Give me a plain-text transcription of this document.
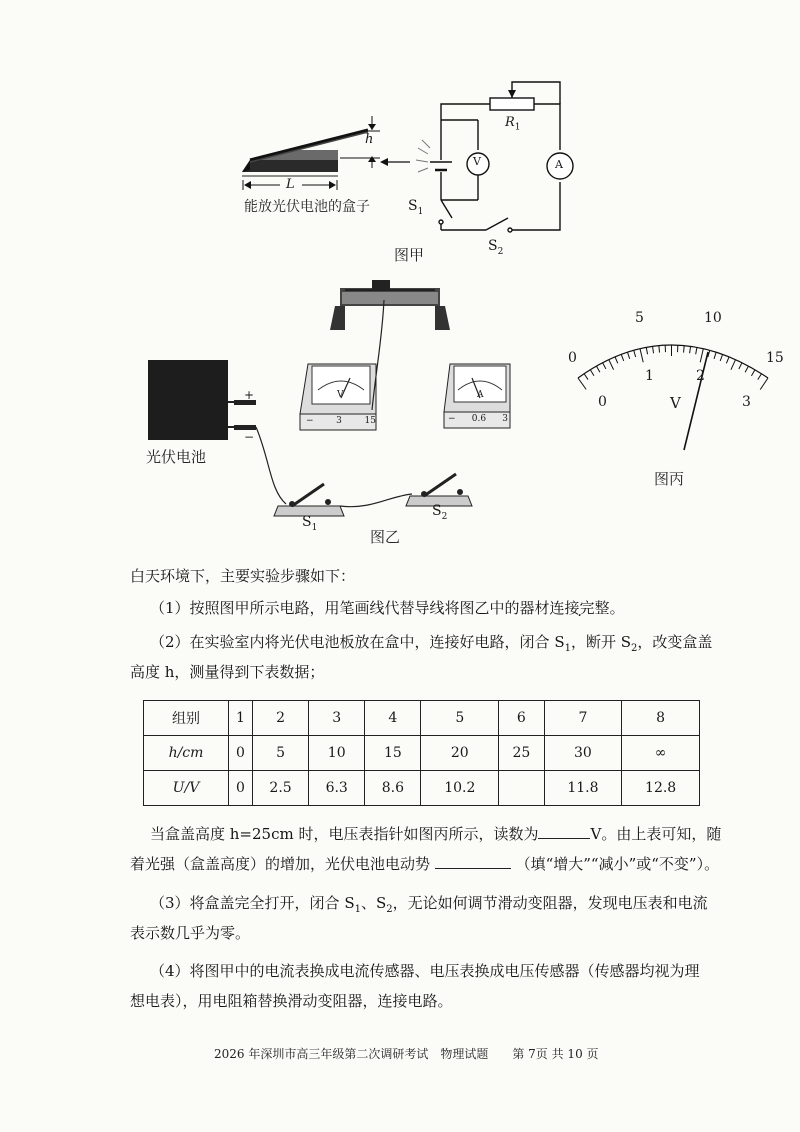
h
L
能放光伏电池的盒子
$R_1$
V	A
$S_1$
$S_2$
图甲
+
−
光伏电池
V	A
−	3	15	− 0.6 3
$S_1$
$S_2$
图乙
0
5	10
15
0
1	2
3
V
图丙
白天环境下，主要实验步骤如下：
（1）按照图甲所示电路，用笔画线代替导线将图乙中的器材连接完整。
（2）在实验室内将光伏电池板放在盒中，连接好电路，闭合 $S_1$，断开 $S_2$，改变盒盖
高度 h，测量得到下表数据；
组别	1	2	3	4	5	6	7	8
h/cm	0	5	10	15	20	25	30	∞
U/V	0	2.5	6.3	8.6	10.2		11.8	12.8
当盒盖高度 h=25cm 时，电压表指针如图丙所示，读数为	V。由上表可知，随
着光强（盒盖高度）的增加，光伏电池电动势	（填“增大”“减小”或“不变”）。
（3）将盒盖完全打开，闭合 $S_1$、$S_2$，无论如何调节滑动变阻器，发现电压表和电流
表示数几乎为零。
（4）将图甲中的电流表换成电流传感器、电压表换成电压传感器（传感器均视为理
想电表），用电阻箱替换滑动变阻器，连接电路。
2026 年深圳市高三年级第二次调研考试　物理试题　　第 7页 共 10 页
